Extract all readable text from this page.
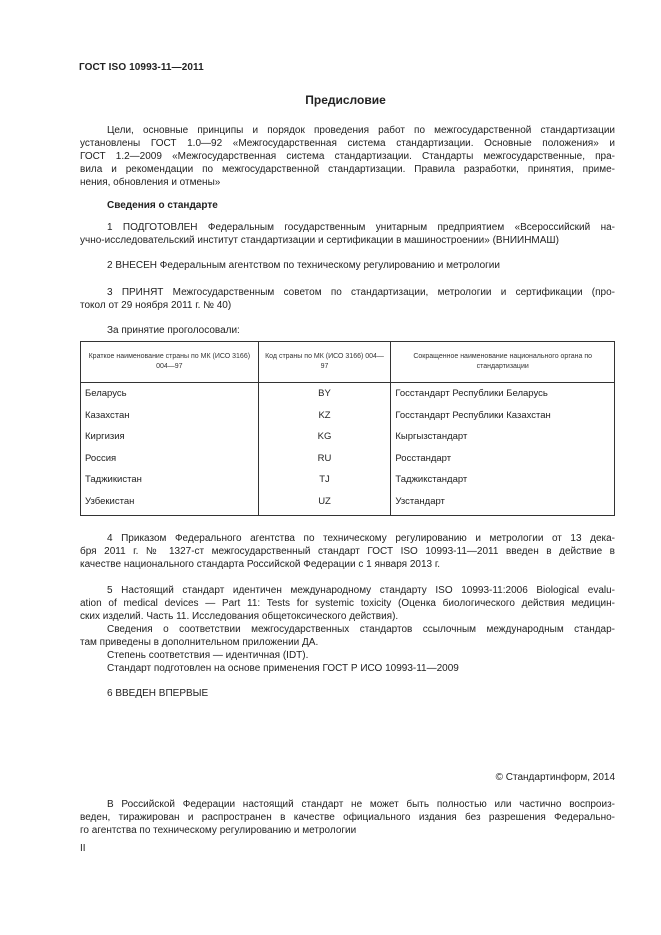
ГОСТ ISO 10993-11—2011
Предисловие
Цели, основные принципы и порядок проведения работ по межгосударственной стандартизации
установлены ГОСТ 1.0—92 «Межгосударственная система стандартизации. Основные положения» и
ГОСТ 1.2—2009 «Межгосударственная система стандартизации. Стандарты межгосударственные, пра-
вила и рекомендации по межгосударственной стандартизации. Правила разработки, принятия, приме-
нения, обновления и отмены»
Сведения о стандарте
1 ПОДГОТОВЛЕН Федеральным государственным унитарным предприятием «Всероссийский на-
учно-исследовательский институт стандартизации и сертификации в машиностроении» (ВНИИНМАШ)
2 ВНЕСЕН Федеральным агентством по техническому регулированию и метрологии
3 ПРИНЯТ Межгосударственным советом по стандартизации, метрологии и сертификации (про-
токол от 29 ноября 2011 г. № 40)
За принятие проголосовали:
Краткое наименование страны по МК (ИСО 3166) 004—97	Код страны по МК (ИСО 3166) 004—97	Сокращенное наименование национального органа по стандартизации
Беларусь	BY	Госстандарт Республики Беларусь
Казахстан	KZ	Госстандарт Республики Казахстан
Киргизия	KG	Кыргызстандарт
Россия	RU	Росстандарт
Таджикистан	TJ	Таджикстандарт
Узбекистан	UZ	Узстандарт
4 Приказом Федерального агентства по техническому регулированию и метрологии от 13 дека-
бря 2011 г. № 1327-ст межгосударственный стандарт ГОСТ ISO 10993-11—2011 введен в действие в
качестве национального стандарта Российской Федерации с 1 января 2013 г.
5 Настоящий стандарт идентичен международному стандарту ISO 10993-11:2006 Biological evalu-
ation of medical devices — Part 11: Tests for systemic toxicity (Оценка биологического действия медицин-
ских изделий. Часть 11. Исследования общетоксического действия).
Сведения о соответствии межгосударственных стандартов ссылочным международным стандар-
там приведены в дополнительном приложении ДА.
Степень соответствия — идентичная (IDT).
Стандарт подготовлен на основе применения ГОСТ Р ИСО 10993-11—2009
6 ВВЕДЕН ВПЕРВЫЕ
© Стандартинформ, 2014
В Российской Федерации настоящий стандарт не может быть полностью или частично воспроиз-
веден, тиражирован и распространен в качестве официального издания без разрешения Федерально-
го агентства по техническому регулированию и метрологии
II
